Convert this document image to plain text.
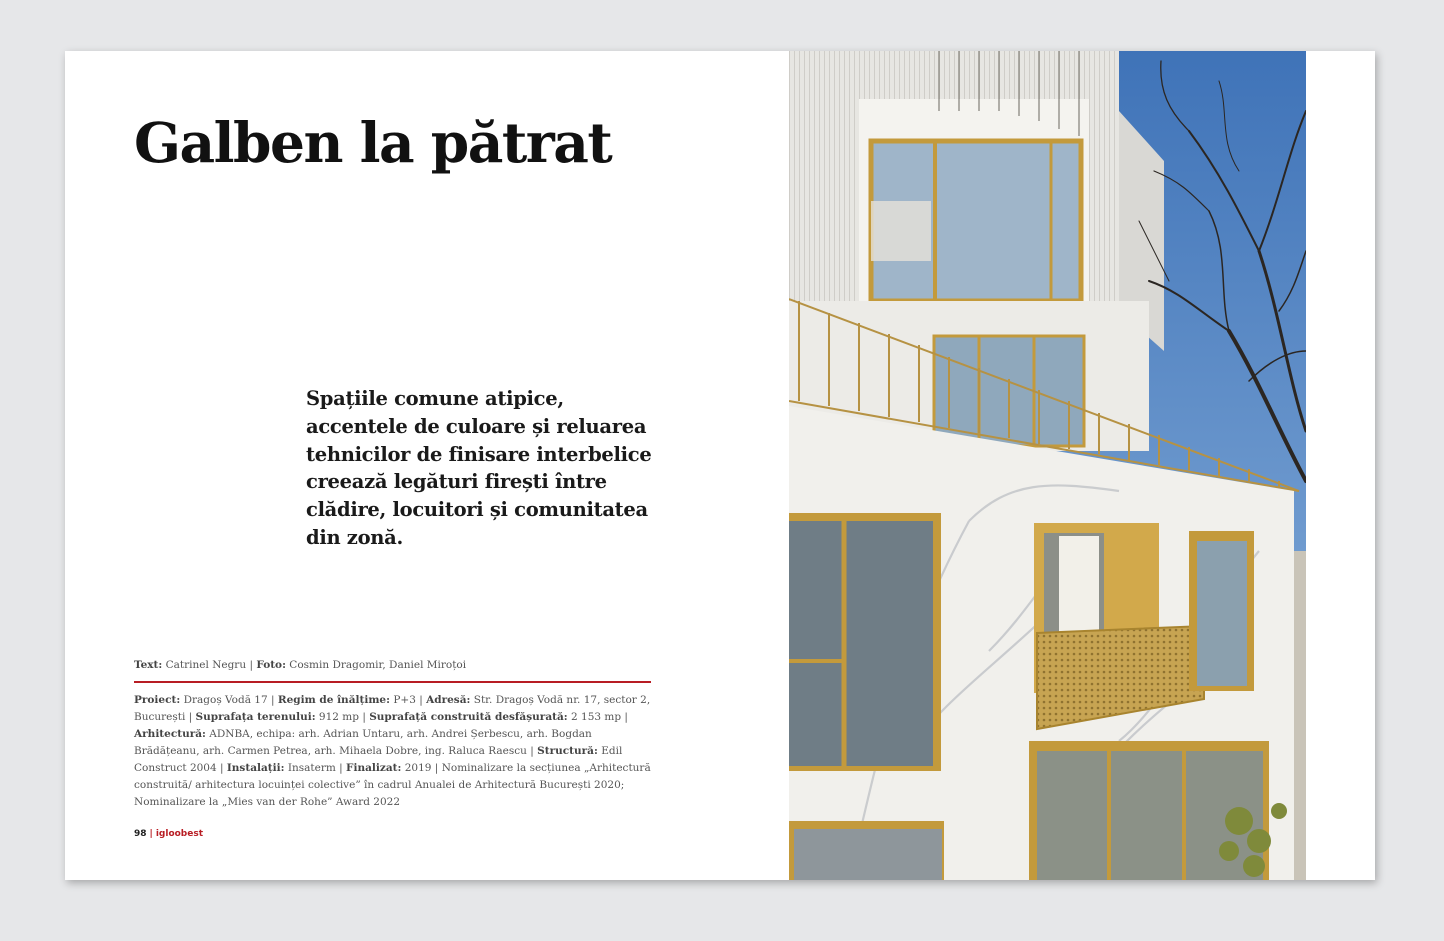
Galben la pătrat

Spațiile comune atipice, accentele de culoare și reluarea tehnicilor de finisare interbelice creează legături firești între clădire, locuitori și comunitatea din zonă.

Text: Catrinel Negru | Foto: Cosmin Dragomir, Daniel Miroțoi

Proiect: Dragoș Vodă 17 | Regim de înălțime: P+3 | Adresă: Str. Dragoș Vodă nr. 17, sector 2, București | Suprafața terenului: 912 mp | Suprafață construită desfășurată: 2 153 mp | Arhitectură: ADNBA, echipa: arh. Adrian Untaru, arh. Andrei Șerbescu, arh. Bogdan Brădățeanu, arh. Carmen Petrea, arh. Mihaela Dobre, ing. Raluca Raescu | Structură: Edil Construct 2004 | Instalații: Insaterm | Finalizat: 2019 | Nominalizare la secțiunea „Arhitectură construită/ arhitectura locuinței colective” în cadrul Anualei de Arhitectură București 2020; Nominalizare la „Mies van der Rohe” Award 2022

98 | igloobest
